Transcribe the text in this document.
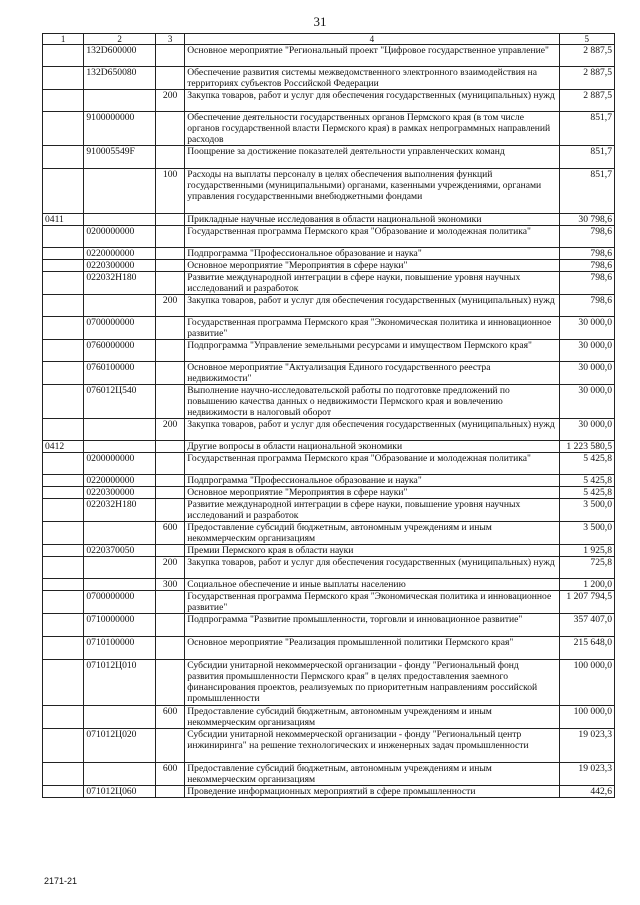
31
1	2	3	4	5
	132D600000		Основное мероприятие "Региональный проект "Цифровое государственное управление"	2 887,5
	132D650080		Обеспечение развития системы межведомственного электронного взаимодействия на территориях субъектов Российской Федерации	2 887,5
		200	Закупка товаров, работ и услуг для обеспечения государственных (муниципальных) нужд	2 887,5
	9100000000		Обеспечение деятельности государственных органов Пермского края (в том числе органов государственной власти Пермского края) в рамках непрограммных направлений расходов	851,7
	910005549F		Поощрение за достижение показателей деятельности управленческих команд	851,7
		100	Расходы на выплаты персоналу в целях обеспечения выполнения функций государственными (муниципальными) органами, казенными учреждениями, органами управления государственными внебюджетными фондами	851,7
0411			Прикладные научные исследования в области национальной экономики	30 798,6
	0200000000		Государственная программа Пермского края "Образование и молодежная политика"	798,6
	0220000000		Подпрограмма "Профессиональное образование и наука"	798,6
	0220300000		Основное мероприятие "Мероприятия в сфере науки"	798,6
	022032Н180		Развитие международной интеграции в сфере науки, повышение уровня научных исследований и разработок	798,6
		200	Закупка товаров, работ и услуг для обеспечения государственных (муниципальных) нужд	798,6
	0700000000		Государственная программа Пермского края "Экономическая политика и инновационное развитие"	30 000,0
	0760000000		Подпрограмма "Управление земельными ресурсами и имуществом Пермского края"	30 000,0
	0760100000		Основное мероприятие "Актуализация Единого государственного реестра недвижимости"	30 000,0
	076012Ц540		Выполнение научно-исследовательской работы по подготовке предложений по повышению качества данных о недвижимости Пермского края и вовлечению недвижимости в налоговый оборот	30 000,0
		200	Закупка товаров, работ и услуг для обеспечения государственных (муниципальных) нужд	30 000,0
0412			Другие вопросы в области национальной экономики	1 223 580,5
	0200000000		Государственная программа Пермского края "Образование и молодежная политика"	5 425,8
	0220000000		Подпрограмма "Профессиональное образование и наука"	5 425,8
	0220300000		Основное мероприятие "Мероприятия в сфере науки"	5 425,8
	022032Н180		Развитие международной интеграции в сфере науки, повышение уровня научных исследований и разработок	3 500,0
		600	Предоставление субсидий бюджетным, автономным учреждениям и иным некоммерческим организациям	3 500,0
	0220370050		Премии Пермского края в области науки	1 925,8
		200	Закупка товаров, работ и услуг для обеспечения государственных (муниципальных) нужд	725,8
		300	Социальное обеспечение и иные выплаты населению	1 200,0
	0700000000		Государственная программа Пермского края "Экономическая политика и инновационное развитие"	1 207 794,5
	0710000000		Подпрограмма "Развитие промышленности, торговли и инновационное развитие"	357 407,0
	0710100000		Основное мероприятие "Реализация промышленной политики Пермского края"	215 648,0
	071012Ц010		Субсидии унитарной некоммерческой организации - фонду "Региональный фонд развития промышленности Пермского края" в целях предоставления заемного финансирования проектов, реализуемых по приоритетным направлениям российской промышленности	100 000,0
		600	Предоставление субсидий бюджетным, автономным учреждениям и иным некоммерческим организациям	100 000,0
	071012Ц020		Субсидии унитарной некоммерческой организации - фонду "Региональный центр инжиниринга" на решение технологических и инженерных задач промышленности	19 023,3
		600	Предоставление субсидий бюджетным, автономным учреждениям и иным некоммерческим организациям	19 023,3
	071012Ц060		Проведение информационных мероприятий в сфере промышленности	442,6
2171-21
